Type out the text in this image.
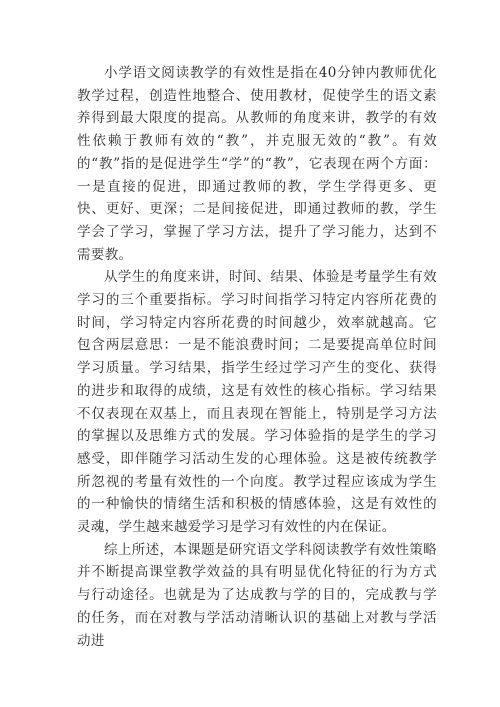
小学语文阅读教学的有效性是指在40分钟内教师优化教学过程，创造性地整合、使用教材，促使学生的语文素养得到最大限度的提高。从教师的角度来讲，教学的有效性依赖于教师有效的“教”，并克服无效的“教”。有效的“教”指的是促进学生“学”的“教”，它表现在两个方面：一是直接的促进，即通过教师的教，学生学得更多、更快、更好、更深；二是间接促进，即通过教师的教，学生学会了学习，掌握了学习方法，提升了学习能力，达到不需要教。

从学生的角度来讲，时间、结果、体验是考量学生有效学习的三个重要指标。学习时间指学习特定内容所花费的时间，学习特定内容所花费的时间越少，效率就越高。它包含两层意思：一是不能浪费时间；二是要提高单位时间学习质量。学习结果，指学生经过学习产生的变化、获得的进步和取得的成绩，这是有效性的核心指标。学习结果不仅表现在双基上，而且表现在智能上，特别是学习方法的掌握以及思维方式的发展。学习体验指的是学生的学习感受，即伴随学习活动生发的心理体验。这是被传统教学所忽视的考量有效性的一个向度。教学过程应该成为学生的一种愉快的情绪生活和积极的情感体验，这是有效性的灵魂，学生越来越爱学习是学习有效性的内在保证。

综上所述，本课题是研究语文学科阅读教学有效性策略并不断提高课堂教学效益的具有明显优化特征的行为方式与行动途径。也就是为了达成教与学的目的，完成教与学的任务，而在对教与学活动清晰认识的基础上对教与学活动进
